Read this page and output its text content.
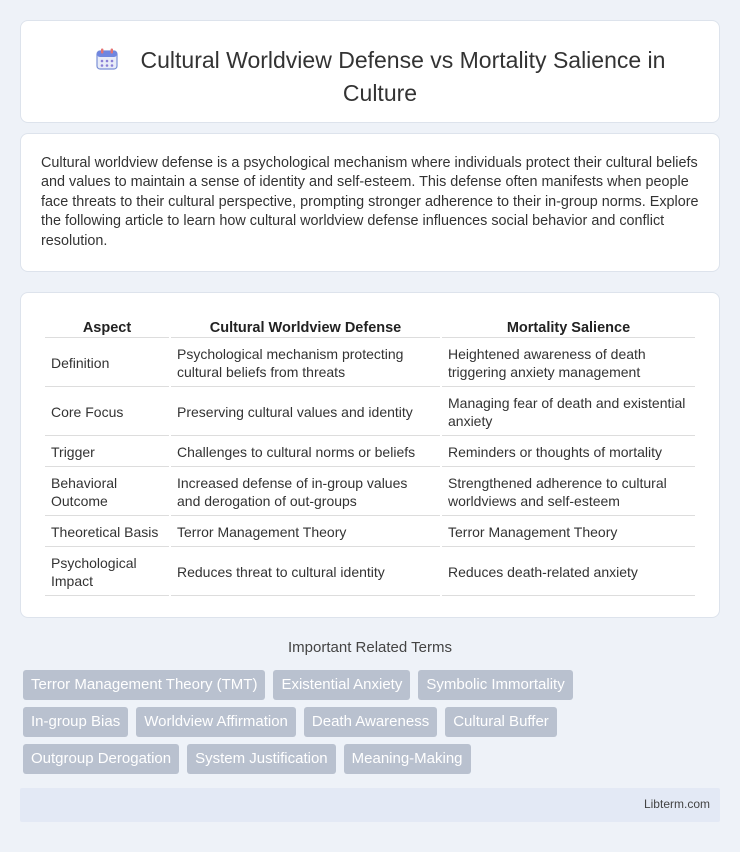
Cultural Worldview Defense vs Mortality Salience in Culture

Cultural worldview defense is a psychological mechanism where individuals protect their cultural beliefs and values to maintain a sense of identity and self-esteem. This defense often manifests when people face threats to their cultural perspective, prompting stronger adherence to their in-group norms. Explore the following article to learn how cultural worldview defense influences social behavior and conflict resolution.

Aspect	Cultural Worldview Defense	Mortality Salience
Definition	Psychological mechanism protecting cultural beliefs from threats	Heightened awareness of death triggering anxiety management
Core Focus	Preserving cultural values and identity	Managing fear of death and existential anxiety
Trigger	Challenges to cultural norms or beliefs	Reminders or thoughts of mortality
Behavioral Outcome	Increased defense of in-group values and derogation of out-groups	Strengthened adherence to cultural worldviews and self-esteem
Theoretical Basis	Terror Management Theory	Terror Management Theory
Psychological Impact	Reduces threat to cultural identity	Reduces death-related anxiety
Important Related Terms
Terror Management Theory (TMT)	Existential Anxiety	Symbolic Immortality
In-group Bias	Worldview Affirmation	Death Awareness	Cultural Buffer
Outgroup Derogation	System Justification	Meaning-Making
Libterm.com
